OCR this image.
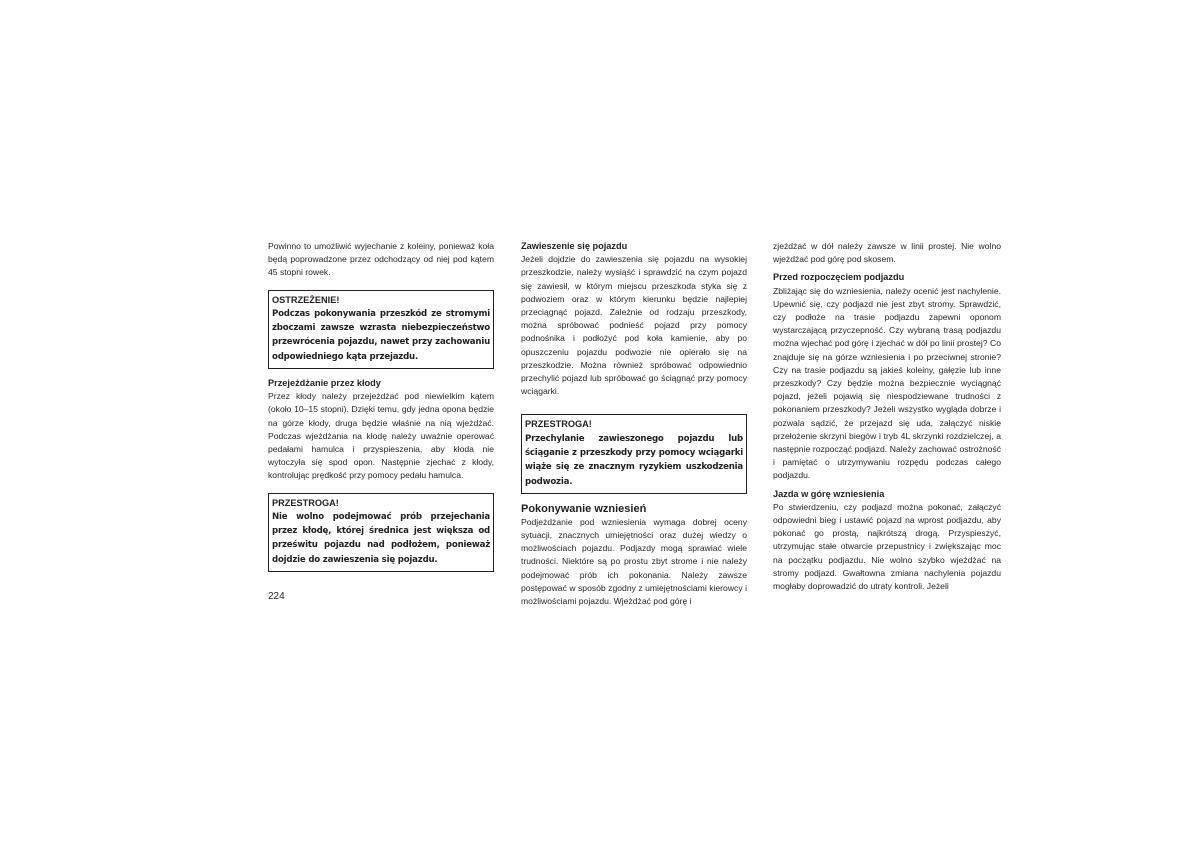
Powinno to umożliwić wyjechanie z koleiny, ponieważ koła będą poprowadzone przez odchodzący od niej pod kątem 45 stopni rowek.

OSTRZEŻENIE!

Podczas pokonywania przeszkód ze stromymi zboczami zawsze wzrasta niebezpieczeństwo przewrócenia pojazdu, nawet przy zachowaniu odpowiedniego kąta przejazdu.

Przejeżdżanie przez kłody

Przez kłody należy przejeżdżać pod niewielkim kątem (około 10–15 stopni). Dzięki temu, gdy jedna opona będzie na górze kłody, druga będzie właśnie na nią wjeżdżać. Podczas wjeżdżania na kłodę należy uważnie operować pedałami hamulca i przyspieszenia, aby kłoda nie wytoczyła się spod opon. Następnie zjechać z kłody, kontrolując prędkość przy pomocy pedału hamulca.

PRZESTROGA!

Nie wolno podejmować prób przejechania przez kłodę, której średnica jest większa od prześwitu pojazdu nad podłożem, ponieważ dojdzie do zawieszenia się pojazdu.

Zawieszenie się pojazdu

Jeżeli dojdzie do zawieszenia się pojazdu na wysokiej przeszkodzie, należy wysiąść i sprawdzić na czym pojazd się zawiesił, w którym miejscu przeszkoda styka się z podwoziem oraz w którym kierunku będzie najlepiej przeciągnąć pojazd. Zależnie od rodzaju przeszkody, można spróbować podnieść pojazd przy pomocy podnośnika i podłożyć pod koła kamienie, aby po opuszczeniu pojazdu podwozie nie opierało się na przeszkodzie. Można również spróbować odpowiednio przechylić pojazd lub spróbować go ściągnąć przy pomocy wciągarki.

PRZESTROGA!

Przechylanie zawieszonego pojazdu lub ściąganie z przeszkody przy pomocy wciągarki wiąże się ze znacznym ryzykiem uszkodzenia podwozia.

Pokonywanie wzniesień

Podjeżdżanie pod wzniesienia wymaga dobrej oceny sytuacji, znacznych umiejętności oraz dużej wiedzy o możliwościach pojazdu. Podjazdy mogą sprawiać wiele trudności. Niektóre są po prostu zbyt strome i nie należy podejmować prób ich pokonania. Należy zawsze postępować w sposób zgodny z umiejętnościami kierowcy i możliwościami pojazdu. Wjeżdżać pod górę i

zjeżdżać w dół należy zawsze w linii prostej. Nie wolno wjeżdżać pod górę pod skosem.

Przed rozpoczęciem podjazdu

Zbliżając się do wzniesienia, należy ocenić jest nachylenie. Upewnić się, czy podjazd nie jest zbyt stromy. Sprawdzić, czy podłoże na trasie podjazdu zapewni oponom wystarczającą przyczepność. Czy wybraną trasą podjazdu można wjechać pod górę i zjechać w dół po linii prostej? Co znajduje się na górze wzniesienia i po przeciwnej stronie? Czy na trasie podjazdu są jakieś koleiny, gałęzie lub inne przeszkody? Czy będzie można bezpiecznie wyciągnąć pojazd, jeżeli pojawią się niespodziewane trudności z pokonaniem przeszkody? Jeżeli wszystko wygląda dobrze i pozwala sądzić, że przejazd się uda, załączyć niskie przełożenie skrzyni biegów i tryb 4L skrzynki rozdzielczej, a następnie rozpocząć podjazd. Należy zachować ostrożność i pamiętać o utrzymywaniu rozpędu podczas całego podjazdu.

Jazda w górę wzniesienia

Po stwierdzeniu, czy podjazd można pokonać, załączyć odpowiedni bieg i ustawić pojazd na wprost podjazdu, aby pokonać go prostą, najkrótszą drogą. Przyspieszyć, utrzymując stałe otwarcie przepustnicy i zwiększając moc na początku podjazdu. Nie wolno szybko wjeżdżać na stromy podjazd. Gwałtowna zmiana nachylenia pojazdu mogłaby doprowadzić do utraty kontroli. Jeżeli

224
